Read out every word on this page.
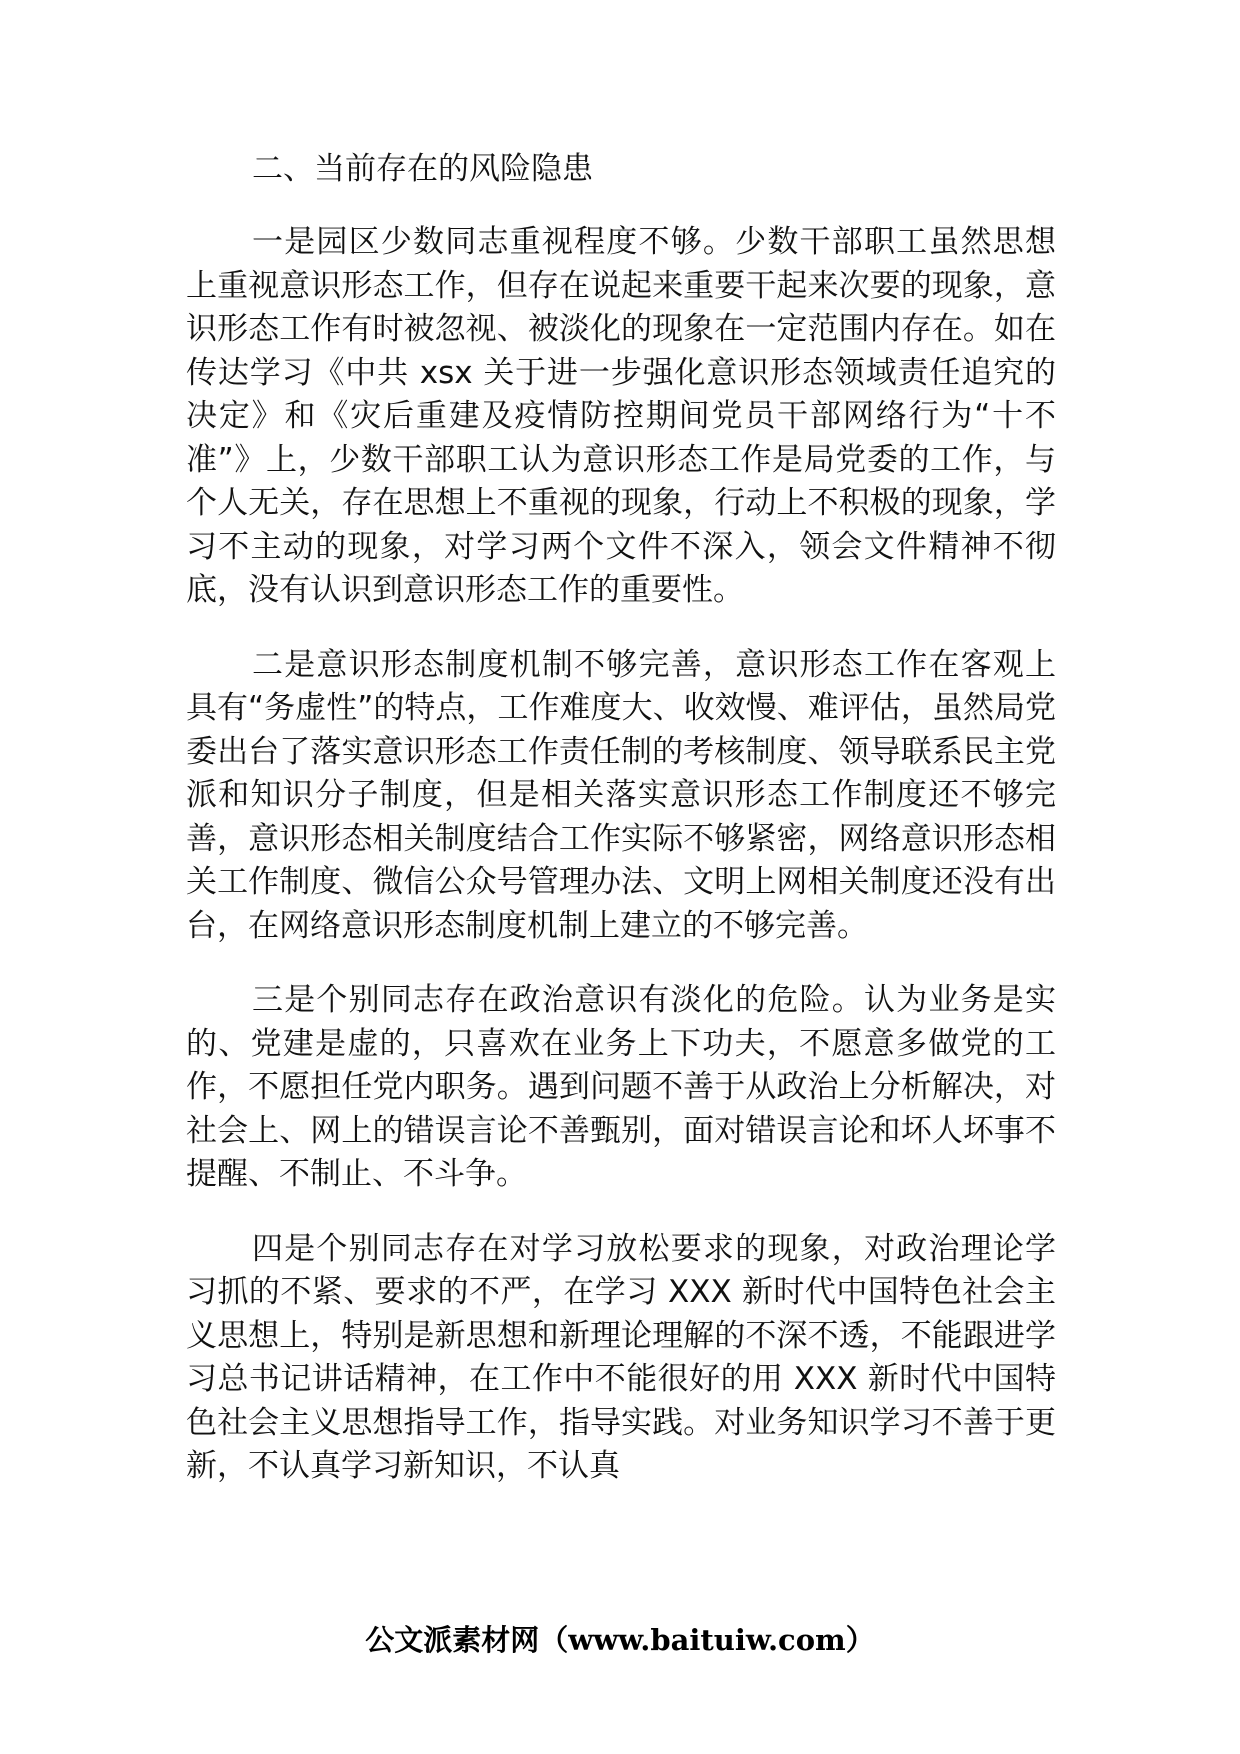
二、当前存在的风险隐患

一是园区少数同志重视程度不够。少数干部职工虽然思想上重视意识形态工作，但存在说起来重要干起来次要的现象，意识形态工作有时被忽视、被淡化的现象在一定范围内存在。如在传达学习《中共 xsx 关于进一步强化意识形态领域责任追究的决定》和《灾后重建及疫情防控期间党员干部网络行为“十不准”》上，少数干部职工认为意识形态工作是局党委的工作，与个人无关，存在思想上不重视的现象，行动上不积极的现象，学习不主动的现象，对学习两个文件不深入，领会文件精神不彻底，没有认识到意识形态工作的重要性。

二是意识形态制度机制不够完善，意识形态工作在客观上具有“务虚性”的特点，工作难度大、收效慢、难评估，虽然局党委出台了落实意识形态工作责任制的考核制度、领导联系民主党派和知识分子制度，但是相关落实意识形态工作制度还不够完善，意识形态相关制度结合工作实际不够紧密，网络意识形态相关工作制度、微信公众号管理办法、文明上网相关制度还没有出台，在网络意识形态制度机制上建立的不够完善。

三是个别同志存在政治意识有淡化的危险。认为业务是实的、党建是虚的，只喜欢在业务上下功夫，不愿意多做党的工作，不愿担任党内职务。遇到问题不善于从政治上分析解决，对社会上、网上的错误言论不善甄别，面对错误言论和坏人坏事不提醒、不制止、不斗争。

四是个别同志存在对学习放松要求的现象，对政治理论学习抓的不紧、要求的不严，在学习 XXX 新时代中国特色社会主义思想上，特别是新思想和新理论理解的不深不透，不能跟进学习总书记讲话精神，在工作中不能很好的用 XXX 新时代中国特色社会主义思想指导工作，指导实践。对业务知识学习不善于更新，不认真学习新知识，不认真

公文派素材网（www.baituiw.com）
